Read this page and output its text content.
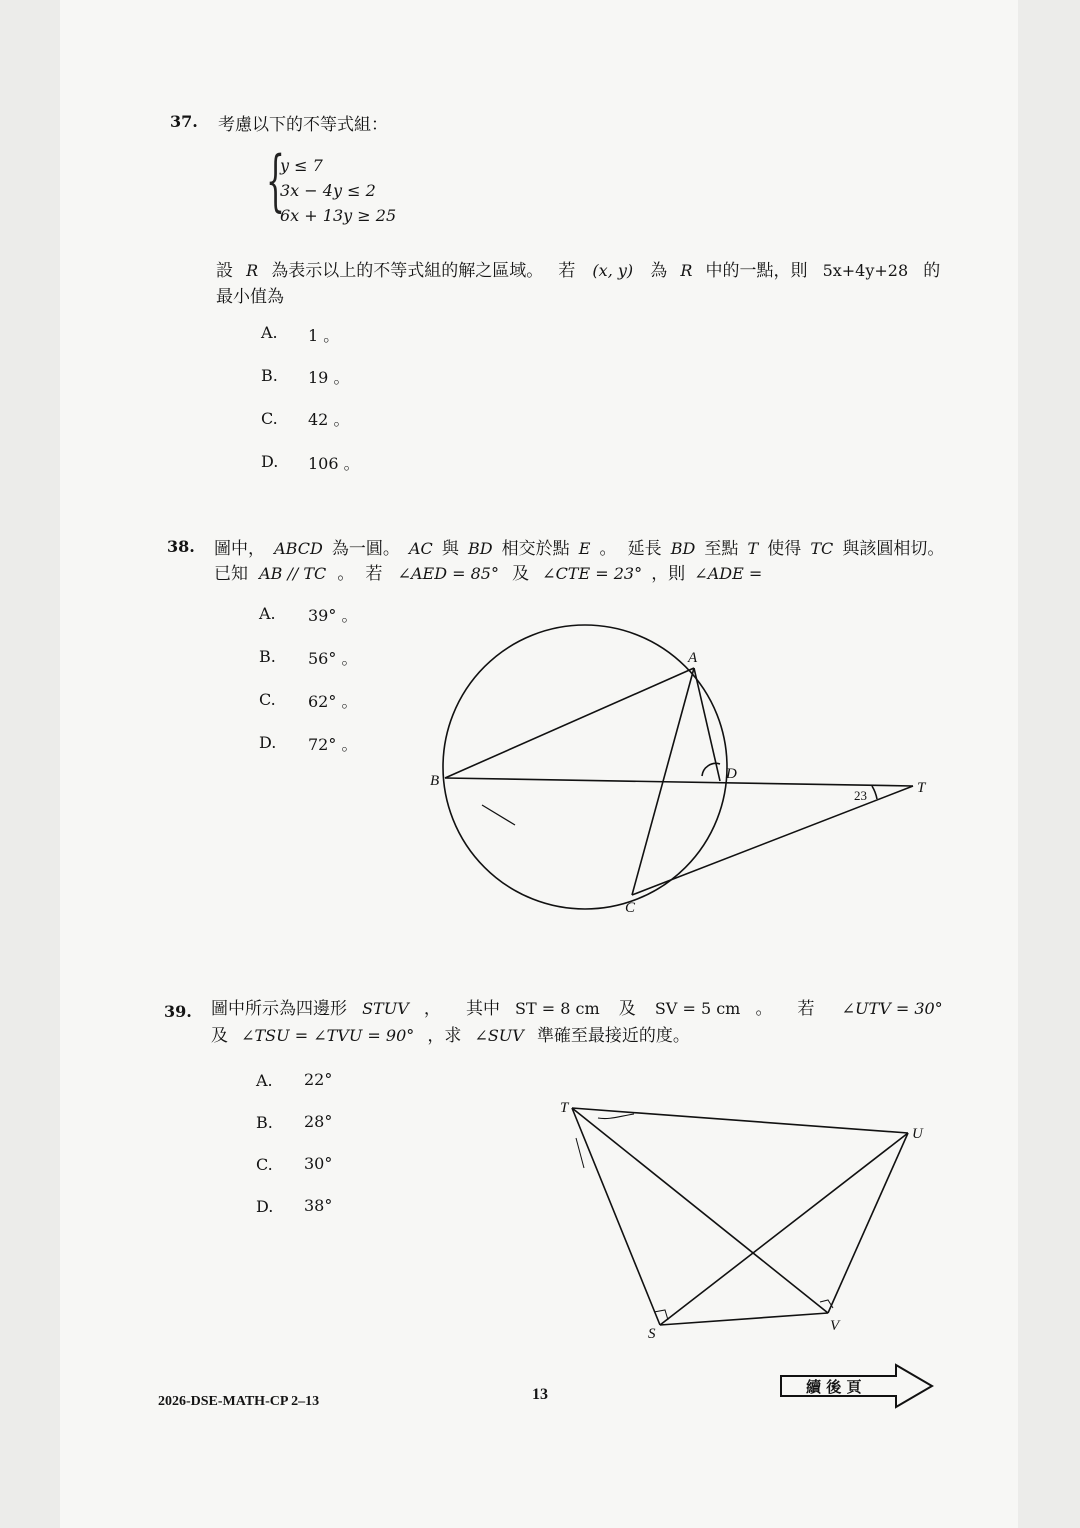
37. 考慮以下的不等式組：
{
y ≤ 7
3x − 4y ≤ 2
6x + 13y ≥ 25
設 R 為表示以上的不等式組的解之區域。 若 (x, y) 為 R 中的一點，則 5x+4y+28 的
最小值為
A. 1 。
B. 19 。
C. 42 。
D. 106 。
38. 圖中， ABCD 為一圓。 AC 與 BD 相交於點 E 。 延長 BD 至點 T 使得 TC 與該圓相切。
已知 AB // TC 。 若 ∠AED = 85° 及 ∠CTE = 23° ，則 ∠ADE =
A. 39° 。
B. 56° 。
C. 62° 。
D. 72° 。
A
B
C
D
T
23
39. 圖中所示為四邊形 STUV ， 其中 ST = 8 cm 及 SV = 5 cm 。 若 ∠UTV = 30°
及 ∠TSU = ∠TVU = 90° ，求 ∠SUV 準確至最接近的度。
A. 22°
B. 28°
C. 30°
D. 38°
T
U
S	V
2026-DSE-MATH-CP 2–13	13	續 後 頁
